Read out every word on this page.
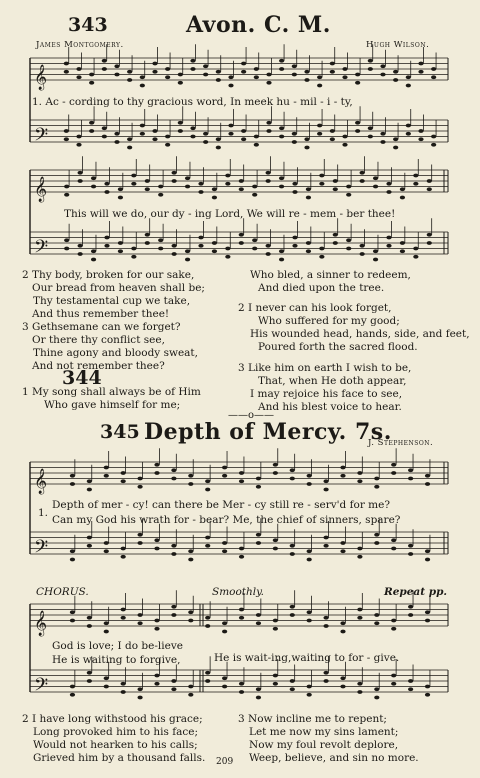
𝄞
𝄢
𝄞
𝄢
𝄞
𝄢
𝄞
𝄢
343	Avon. C. M.
James Montgomery.	Hugh Wilson.
1. Ac - cording to thy gracious word, In meek hu - mil - i - ty,
This will we do, our dy - ing Lord, We will re - mem - ber thee!
2 Thy body, broken for our sake,
Our bread from heaven shall be;
Thy testamental cup we take,
And thus remember thee!
3 Gethsemane can we forget?
Or there thy conflict see,
Thine agony and bloody sweat,
And not remember thee?
344
1 My song shall always be of Him
Who gave himself for me;
Who bled, a sinner to redeem,
And died upon the tree.
2 I never can his look forget,
Who suffered for my good;
His wounded head, hands, side, and feet,
Poured forth the sacred flood.
3 Like him on earth I wish to be,
That, when He doth appear,
I may rejoice his face to see,
And his blest voice to hear.
——o——
345 Depth of Mercy. 7s.
J. Stephenson.
1.
Depth of mer - cy! can there be Mer - cy still re - serv'd for me?
Can my God his wrath for - bear? Me, the chief of sinners, spare?
CHORUS.	Smoothly.	Repeat pp.
God is love; I do be-lieve
He is waiting to forgive,	He is wait-ing,waiting to for - give.
2 I have long withstood his grace;
Long provoked him to his face;
Would not hearken to his calls;
Grieved him by a thousand falls.
3 Now incline me to repent;
Let me now my sins lament;
Now my foul revolt deplore,
Weep, believe, and sin no more.
209
